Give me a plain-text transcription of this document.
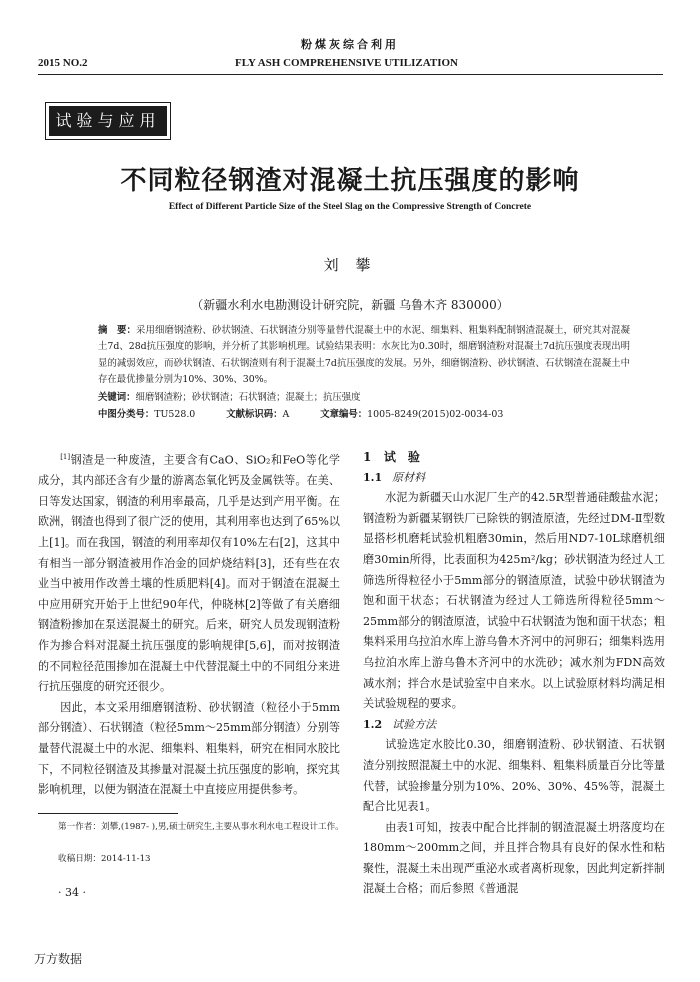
粉煤灰综合利用
2015 NO.2	FLY ASH COMPREHENSIVE UTILIZATION
试验与应用
不同粒径钢渣对混凝土抗压强度的影响
Effect of Different Particle Size of the Steel Slag on the Compressive Strength of Concrete
刘 攀
（新疆水利水电勘测设计研究院，新疆 乌鲁木齐 830000）
摘　要：采用细磨钢渣粉、砂状钢渣、石状钢渣分别等量替代混凝土中的水泥、细集料、粗集料配制钢渣混凝土，研究其对混凝土7d、28d抗压强度的影响，并分析了其影响机理。试验结果表明：水灰比为0.30时，细磨钢渣粉对混凝土7d抗压强度表现出明显的减弱效应，而砂状钢渣、石状钢渣则有利于混凝土7d抗压强度的发展。另外，细磨钢渣粉、砂状钢渣、石状钢渣在混凝土中存在最优掺量分别为10%、30%、30%。
关键词：细磨钢渣粉；砂状钢渣；石状钢渣；混凝土；抗压强度
中图分类号：TU528.0	文献标识码：A	文章编号：1005-8249(2015)02-0034-03

[1]钢渣是一种废渣，主要含有CaO、SiO₂和FeO等化学成分，其内部还含有少量的游离态氧化钙及金属铁等。在美、日等发达国家，钢渣的利用率最高，几乎是达到产用平衡。在欧洲，钢渣也得到了很广泛的使用，其利用率也达到了65%以上[1]。而在我国，钢渣的利用率却仅有10%左右[2]，这其中有相当一部分钢渣被用作冶金的回炉烧结料[3]，还有些在农业当中被用作改善土壤的性质肥料[4]。而对于钢渣在混凝土中应用研究开始于上世纪90年代，仲晓林[2]等做了有关磨细钢渣粉掺加在泵送混凝土的研究。后来，研究人员发现钢渣粉作为掺合料对混凝土抗压强度的影响规律[5,6]，而对按钢渣的不同粒径范围掺加在混凝土中代替混凝土中的不同组分来进行抗压强度的研究还很少。

因此，本文采用细磨钢渣粉、砂状钢渣（粒径小于5mm部分钢渣）、石状钢渣（粒径5mm～25mm部分钢渣）分别等量替代混凝土中的水泥、细集料、粗集料，研究在相同水胶比下，不同粒径钢渣及其掺量对混凝土抗压强度的影响，探究其影响机理，以便为钢渣在混凝土中直接应用提供参考。

1 试　验

1.1 原材料

水泥为新疆天山水泥厂生产的42.5R型普通硅酸盐水泥；钢渣粉为新疆某钢铁厂已除铁的钢渣原渣，先经过DM-Ⅱ型数显搭杉机磨耗试验机粗磨30min，然后用ND7-10L球磨机细磨30min所得，比表面积为425m²/kg；砂状钢渣为经过人工筛选所得粒径小于5mm部分的钢渣原渣，试验中砂状钢渣为饱和面干状态；石状钢渣为经过人工筛选所得粒径5mm～25mm部分的钢渣原渣，试验中石状钢渣为饱和面干状态；粗集料采用乌拉泊水库上游乌鲁木齐河中的河卵石；细集料选用乌拉泊水库上游乌鲁木齐河中的水洗砂；减水剂为FDN高效减水剂；拌合水是试验室中自来水。以上试验原材料均满足相关试验规程的要求。

1.2 试验方法

试验选定水胶比0.30，细磨钢渣粉、砂状钢渣、石状钢渣分别按照混凝土中的水泥、细集料、粗集料质量百分比等量代替，试验掺量分别为10%、20%、30%、45%等，混凝土配合比见表1。

由表1可知，按表中配合比拌制的钢渣混凝土坍落度均在180mm～200mm之间，并且拌合物具有良好的保水性和粘聚性，混凝土未出现严重泌水或者离析现象，因此判定新拌制混凝土合格；而后参照《普通混

第一作者：刘攀,(1987- ),男,硕士研究生,主要从事水利水电工程设计工作。
收稿日期：2014-11-13
· 34 ·
万方数据
